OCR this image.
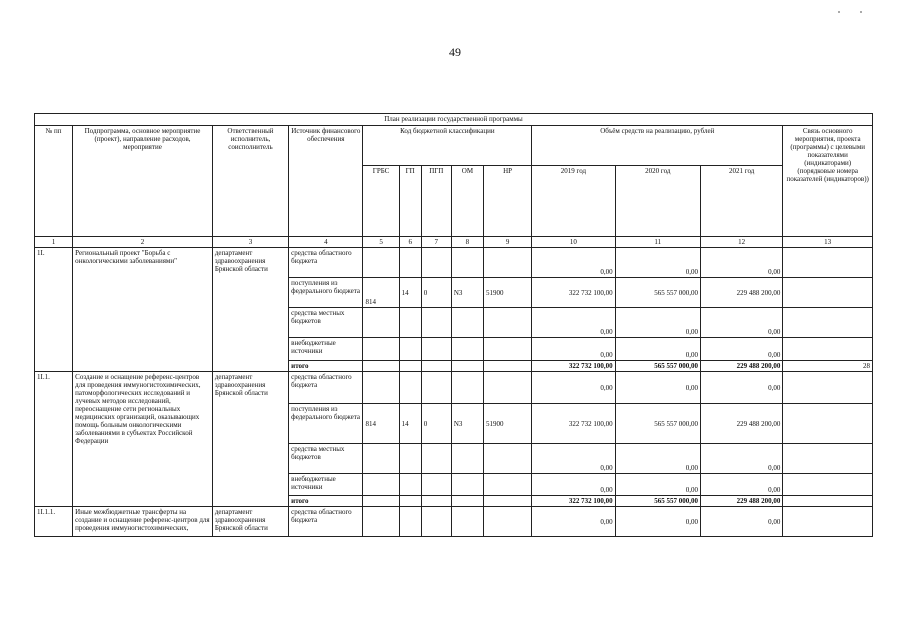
49
План реализации государственной программы												
№ пп	Подпрограмма, основное мероприятие (проект), направление расходов, мероприятие	Ответственный исполнитель, соисполнитель	Источник финансового обеспечения	Код бюджетной классификации					Объём средств на реализацию, рублей			Связь основного мероприятия, проекта (программы) с целевыми показателями (индикаторами) (порядковые номера показателей (индикаторов))
				ГРБС	ГП	ПГП	ОМ	НР	2019 год	2020 год	2021 год	
1	2	3	4	5	6	7	8	9	10	11	12	13
1I.	Региональный проект "Борьба с онкологическими заболеваниями"	департамент здравоохранения Брянской области	средства областного бюджета						0,00	0,00	0,00	
			поступления из федерального бюджета	814	14	0	N3	51900	322 732 100,00	565 557 000,00	229 488 200,00	
			средства местных бюджетов						0,00	0,00	0,00	
			внебюджетные источники						0,00	0,00	0,00	
			итого						322 732 100,00	565 557 000,00	229 488 200,00	28
1I.1.	Создание и оснащение референс-центров для проведения иммуногистохимических, патоморфологических исследований и лучевых методов исследований, переоснащение сети региональных медицинских организаций, оказывающих помощь больным онкологическими заболеваниями в субъектах Российской Федерации	департамент здравоохранения Брянской области	средства областного бюджета						0,00	0,00	0,00	
			поступления из федерального бюджета	814	14	0	N3	51900	322 732 100,00	565 557 000,00	229 488 200,00	
			средства местных бюджетов						0,00	0,00	0,00	
			внебюджетные источники						0,00	0,00	0,00	
			итого						322 732 100,00	565 557 000,00	229 488 200,00	
1I.1.1.	Иные межбюджетные трансферты на создание и оснащение референс-центров для проведения иммуногистохимических,	департамент здравоохранения Брянской области	средства областного бюджета						0,00	0,00	0,00	
